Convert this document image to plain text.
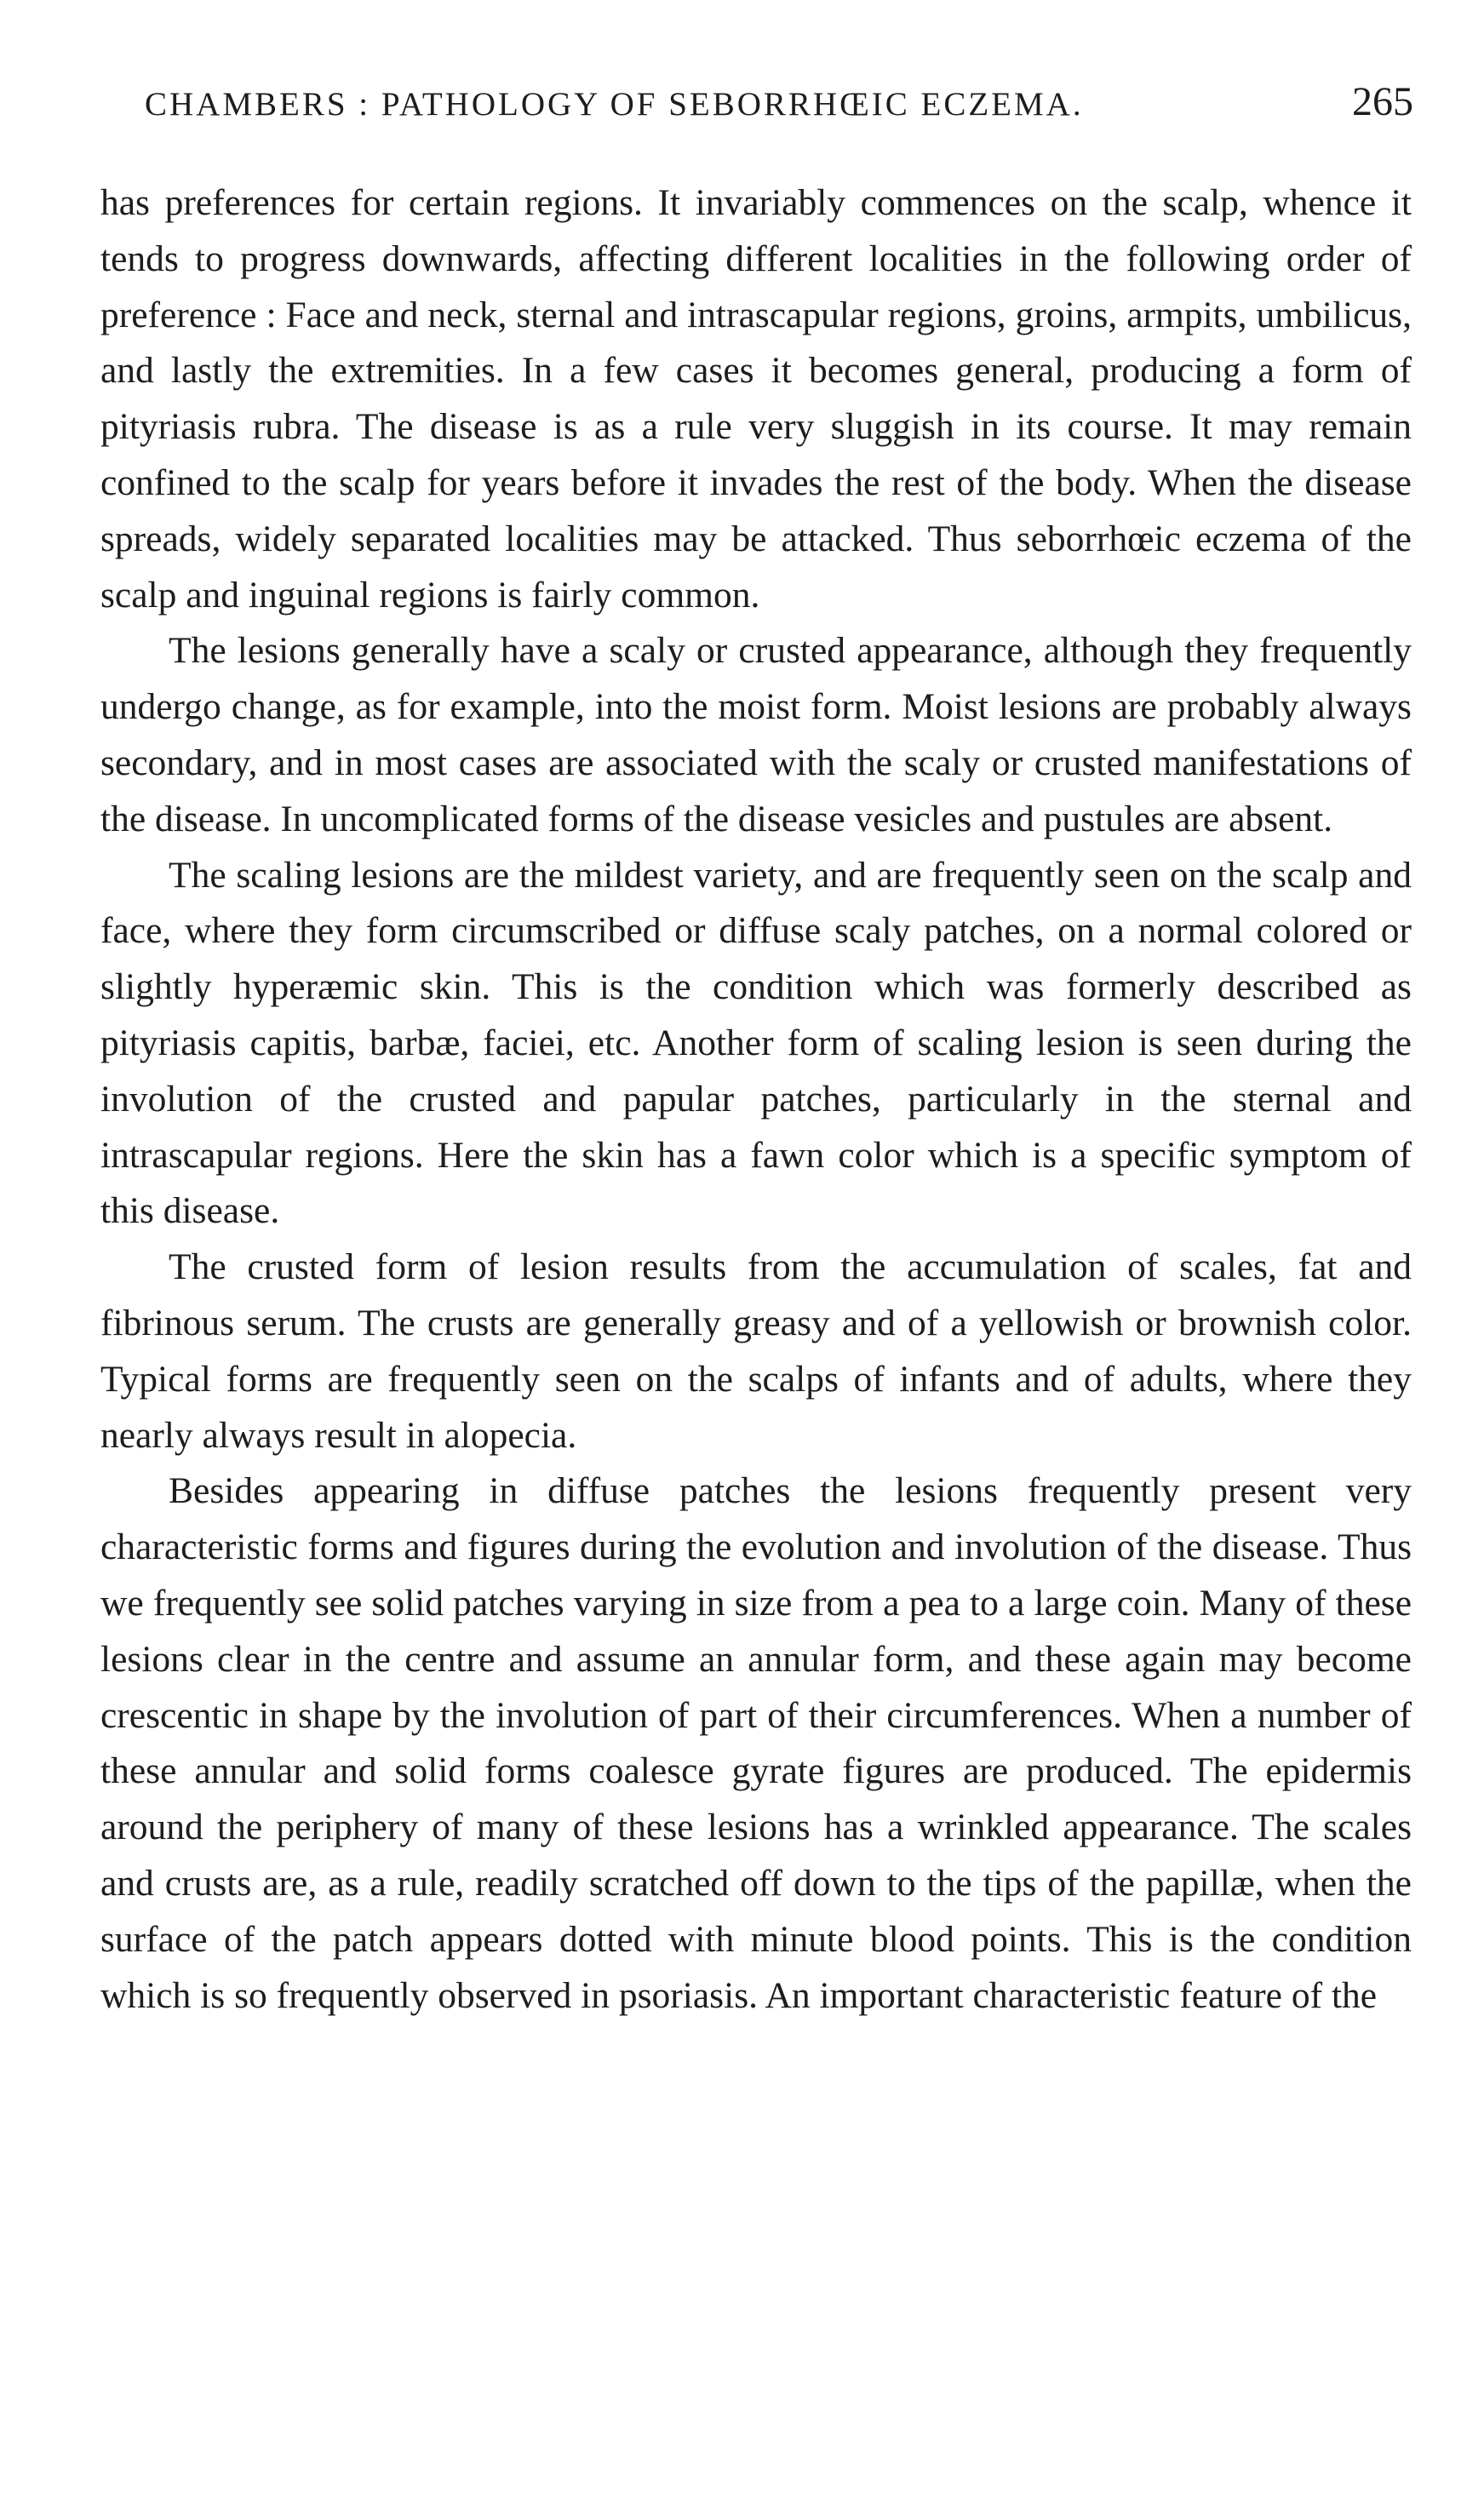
CHAMBERS : PATHOLOGY OF SEBORRHŒIC ECZEMA.	265

has preferences for certain regions. It invariably commences on the scalp, whence it tends to progress downwards, affecting different localities in the following order of preference : Face and neck, sternal and intrascapular regions, groins, armpits, umbilicus, and lastly the extremities. In a few cases it becomes general, producing a form of pityriasis rubra. The disease is as a rule very sluggish in its course. It may remain confined to the scalp for years before it invades the rest of the body. When the disease spreads, widely separated localities may be attacked. Thus seborrhœic eczema of the scalp and inguinal regions is fairly common.

The lesions generally have a scaly or crusted appearance, although they frequently undergo change, as for example, into the moist form. Moist lesions are probably always secondary, and in most cases are associated with the scaly or crusted manifestations of the disease. In uncomplicated forms of the disease vesicles and pustules are absent.

The scaling lesions are the mildest variety, and are frequently seen on the scalp and face, where they form circumscribed or diffuse scaly patches, on a normal colored or slightly hyperæmic skin. This is the condition which was formerly described as pityriasis capitis, barbæ, faciei, etc. Another form of scaling lesion is seen during the involution of the crusted and papular patches, particularly in the sternal and intrascapular regions. Here the skin has a fawn color which is a specific symptom of this disease.

The crusted form of lesion results from the accumulation of scales, fat and fibrinous serum. The crusts are generally greasy and of a yellowish or brownish color. Typical forms are frequently seen on the scalps of infants and of adults, where they nearly always result in alopecia.

Besides appearing in diffuse patches the lesions frequently present very characteristic forms and figures during the evolution and involution of the disease. Thus we frequently see solid patches varying in size from a pea to a large coin. Many of these lesions clear in the centre and assume an annular form, and these again may become crescentic in shape by the involution of part of their circumferences. When a number of these annular and solid forms coalesce gyrate figures are produced. The epidermis around the periphery of many of these lesions has a wrinkled appearance. The scales and crusts are, as a rule, readily scratched off down to the tips of the papillæ, when the surface of the patch appears dotted with minute blood points. This is the condition which is so frequently observed in psoriasis. An important characteristic feature of the
